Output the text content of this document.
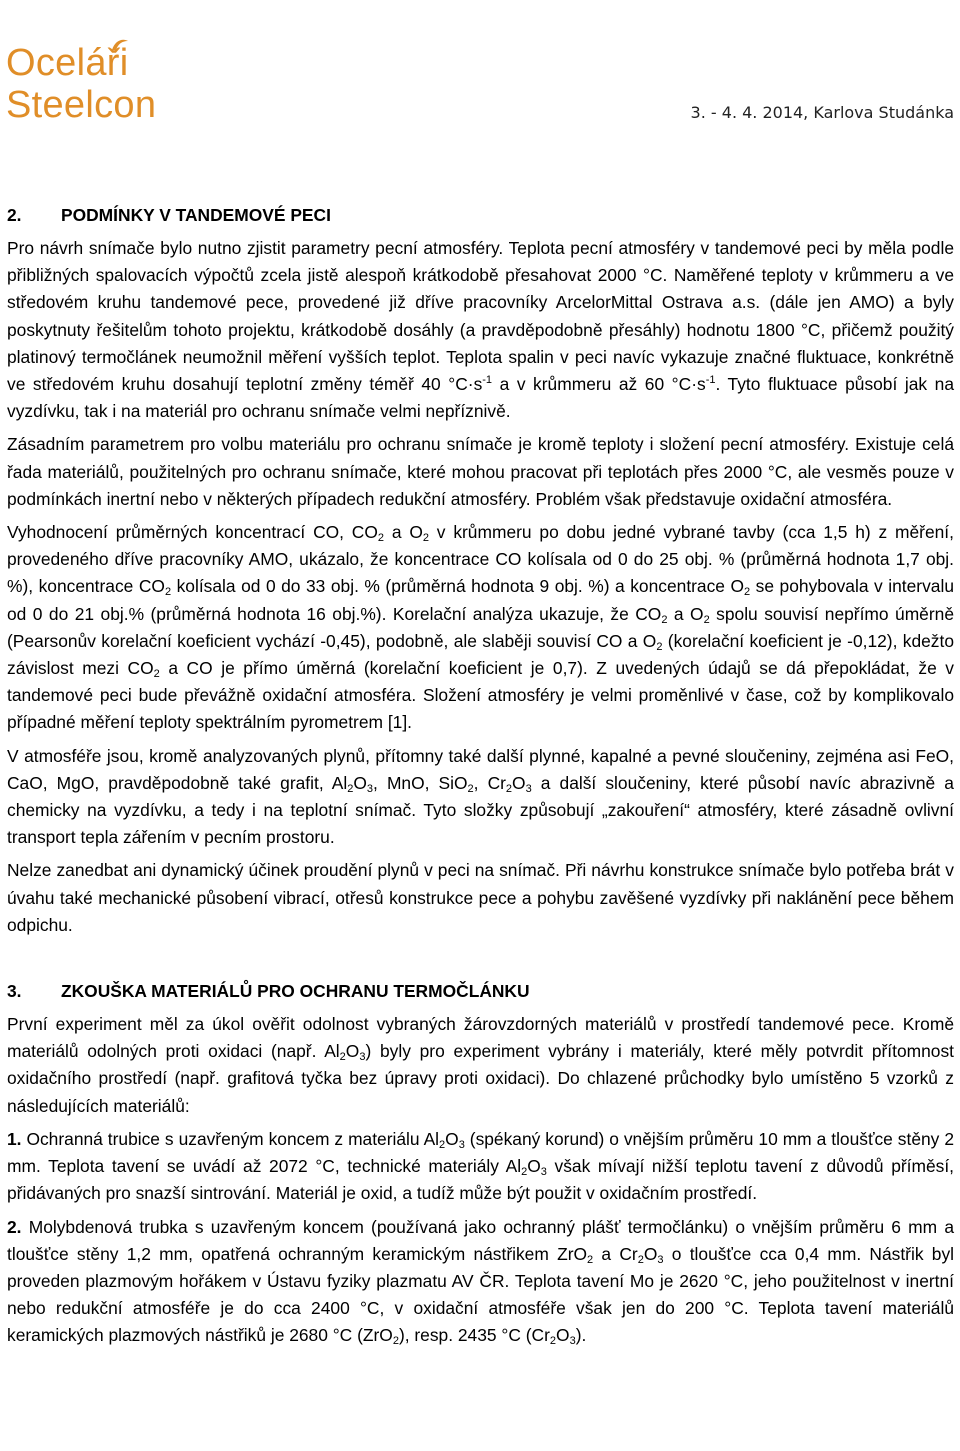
Oceláři
Steelcon	3. - 4. 4. 2014, Karlova Studánka
2. PODMÍNKY V TANDEMOVÉ PECI

Pro návrh snímače bylo nutno zjistit parametry pecní atmosféry. Teplota pecní atmosféry v tandemové peci by měla podle přibližných spalovacích výpočtů zcela jistě alespoň krátkodobě přesahovat 2000 °C. Naměřené teploty v krůmmeru a ve středovém kruhu tandemové pece, provedené již dříve pracovníky ArcelorMittal Ostrava a.s. (dále jen AMO) a byly poskytnuty řešitelům tohoto projektu, krátkodobě dosáhly (a pravděpodobně přesáhly) hodnotu 1800 °C, přičemž použitý platinový termočlánek neumožnil měření vyšších teplot. Teplota spalin v peci navíc vykazuje značné fluktuace, konkrétně ve středovém kruhu dosahují teplotní změny téměř 40 $^\circ C\cdot s^{-1}$ a v krůmmeru až 60 $^\circ C\cdot s^{-1}$. Tyto fluktuace působí jak na vyzdívku, tak i na materiál pro ochranu snímače velmi nepříznivě.

Zásadním parametrem pro volbu materiálu pro ochranu snímače je kromě teploty i složení pecní atmosféry. Existuje celá řada materiálů, použitelných pro ochranu snímače, které mohou pracovat při teplotách přes 2000 °C, ale vesměs pouze v podmínkách inertní nebo v některých případech redukční atmosféry. Problém však představuje oxidační atmosféra.

Vyhodnocení průměrných koncentrací CO, $CO_2$ a $O_2$ v krůmmeru po dobu jedné vybrané tavby (cca 1,5 h) z měření, provedeného dříve pracovníky AMO, ukázalo, že koncentrace CO kolísala od 0 do 25 obj. % (průměrná hodnota 1,7 obj. %), koncentrace $CO_2$ kolísala od 0 do 33 obj. % (průměrná hodnota 9 obj. %) a koncentrace $O_2$ se pohybovala v intervalu od 0 do 21 obj.% (průměrná hodnota 16 obj.%). Korelační analýza ukazuje, že $CO_2$ a $O_2$ spolu souvisí nepřímo úměrně (Pearsonův korelační koeficient vychází -0,45), podobně, ale slaběji souvisí CO a $O_2$ (korelační koeficient je -0,12), kdežto závislost mezi $CO_2$ a CO je přímo úměrná (korelační koeficient je 0,7). Z uvedených údajů se dá přepokládat, že v tandemové peci bude převážně oxidační atmosféra. Složení atmosféry je velmi proměnlivé v čase, což by komplikovalo případné měření teploty spektrálním pyrometrem [1].

V atmosféře jsou, kromě analyzovaných plynů, přítomny také další plynné, kapalné a pevné sloučeniny, zejména asi FeO, CaO, MgO, pravděpodobně také grafit, $Al_2O_3$, MnO, SiO$_2$, $Cr_2O_3$ a další sloučeniny, které působí navíc abrazivně a chemicky na vyzdívku, a tedy i na teplotní snímač. Tyto složky způsobují „zakouření“ atmosféry, které zásadně ovlivní transport tepla zářením v pecním prostoru.

Nelze zanedbat ani dynamický účinek proudění plynů v peci na snímač. Při návrhu konstrukce snímače bylo potřeba brát v úvahu také mechanické působení vibrací, otřesů konstrukce pece a pohybu zavěšené vyzdívky při naklánění pece během odpichu.

3. ZKOUŠKA MATERIÁLŮ PRO OCHRANU TERMOČLÁNKU

První experiment měl za úkol ověřit odolnost vybraných žárovzdorných materiálů v prostředí tandemové pece. Kromě materiálů odolných proti oxidaci (např. $Al_2O_3$) byly pro experiment vybrány i materiály, které měly potvrdit přítomnost oxidačního prostředí (např. grafitová tyčka bez úpravy proti oxidaci). Do chlazené průchodky bylo umístěno 5 vzorků z následujících materiálů:

1. Ochranná trubice s uzavřeným koncem z materiálu $Al_2O_3$ (spékaný korund) o vnějším průměru 10 mm a tloušťce stěny 2 mm. Teplota tavení se uvádí až 2072 °C, technické materiály $Al_2O_3$ však mívají nižší teplotu tavení z důvodů příměsí, přidávaných pro snazší sintrování. Materiál je oxid, a tudíž může být použit v oxidačním prostředí.

2. Molybdenová trubka s uzavřeným koncem (používaná jako ochranný plášť termočlánku) o vnějším průměru 6 mm a tloušťce stěny 1,2 mm, opatřená ochranným keramickým nástřikem ZrO$_2$ a $Cr_2O_3$ o tloušťce cca 0,4 mm. Nástřik byl proveden plazmovým hořákem v Ústavu fyziky plazmatu AV ČR. Teplota tavení Mo je 2620 °C, jeho použitelnost v inertní nebo redukční atmosféře je do cca 2400 °C, v oxidační atmosféře však jen do 200 °C. Teplota tavení materiálů keramických plazmových nástřiků je 2680 °C (ZrO$_2$), resp. 2435 °C $(Cr_2O_3)$.
